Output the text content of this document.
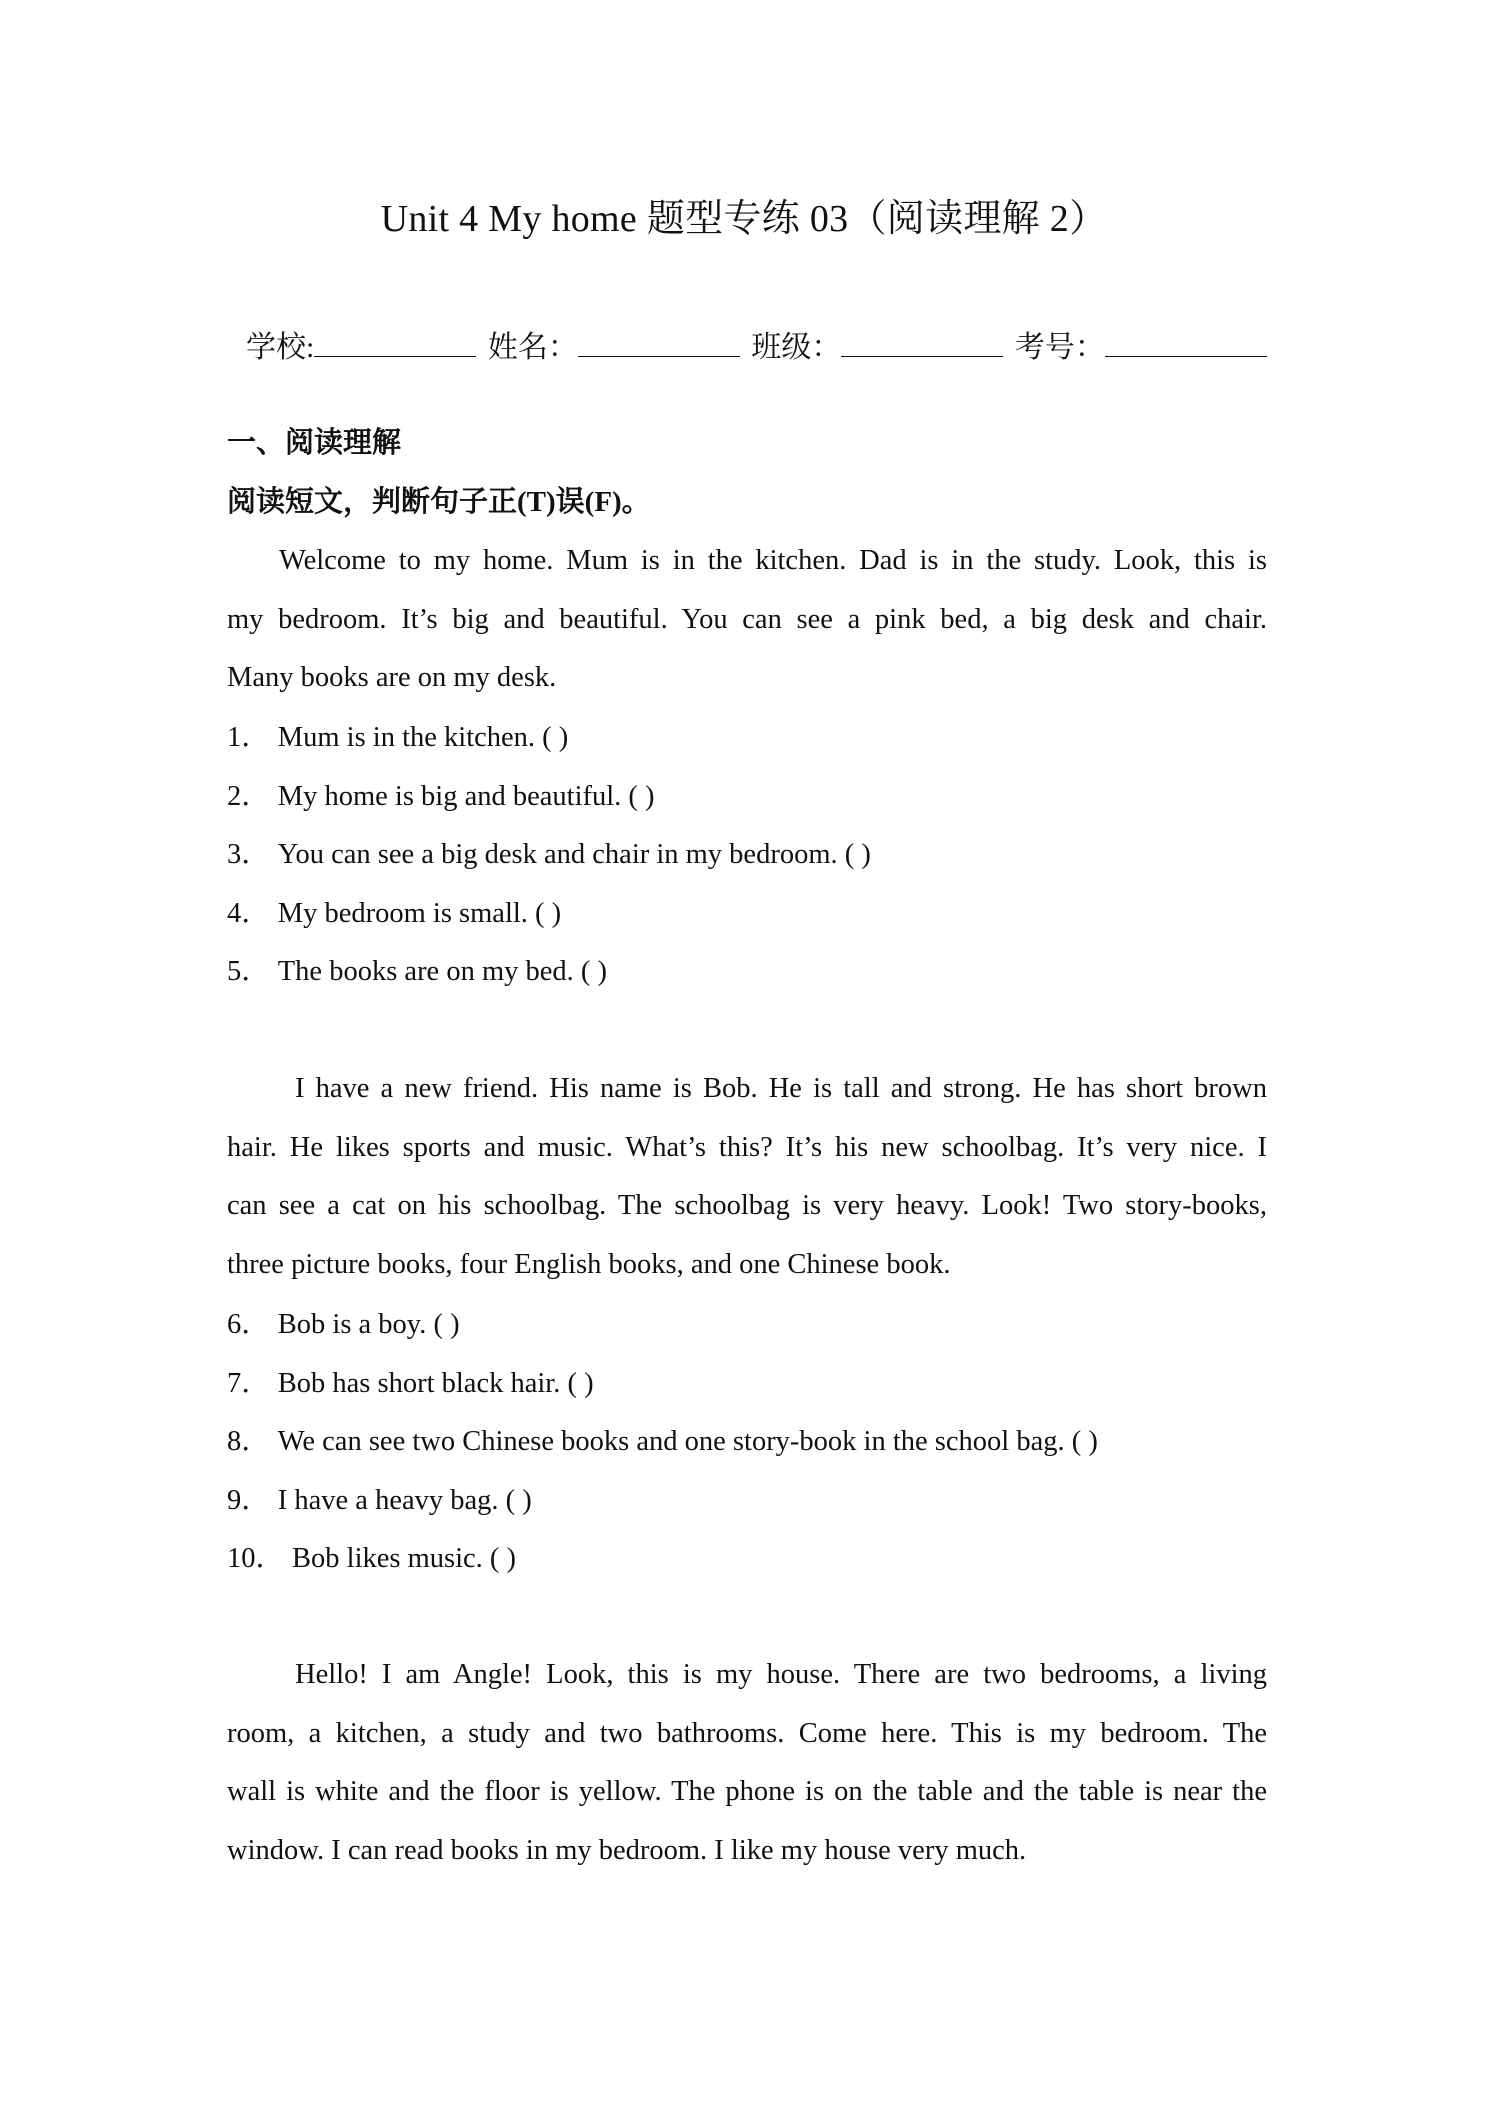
Unit 4 My home 题型专练 03（阅读理解 2）
学校:	姓名：	班级：	考号：
一、阅读理解
阅读短文，判断句子正(T)误(F)。
Welcome to my home. Mum is in the kitchen. Dad is in the study. Look, this is
my bedroom. It’s big and beautiful. You can see a pink bed, a big desk and chair.
Many books are on my desk.
1． Mum is in the kitchen. ( )
2． My home is big and beautiful. ( )
3． You can see a big desk and chair in my bedroom. ( )
4． My bedroom is small. ( )
5． The books are on my bed. ( )
I have a new friend. His name is Bob. He is tall and strong. He has short brown
hair. He likes sports and music. What’s this? It’s his new schoolbag. It’s very nice. I
can see a cat on his schoolbag. The schoolbag is very heavy. Look! Two story-books,
three picture books, four English books, and one Chinese book.
6． Bob is a boy. ( )
7． Bob has short black hair. ( )
8． We can see two Chinese books and one story-book in the school bag. ( )
9． I have a heavy bag. ( )
10． Bob likes music. ( )
Hello! I am Angle! Look, this is my house. There are two bedrooms, a living
room, a kitchen, a study and two bathrooms. Come here. This is my bedroom. The
wall is white and the floor is yellow. The phone is on the table and the table is near the
window. I can read books in my bedroom. I like my house very much.
